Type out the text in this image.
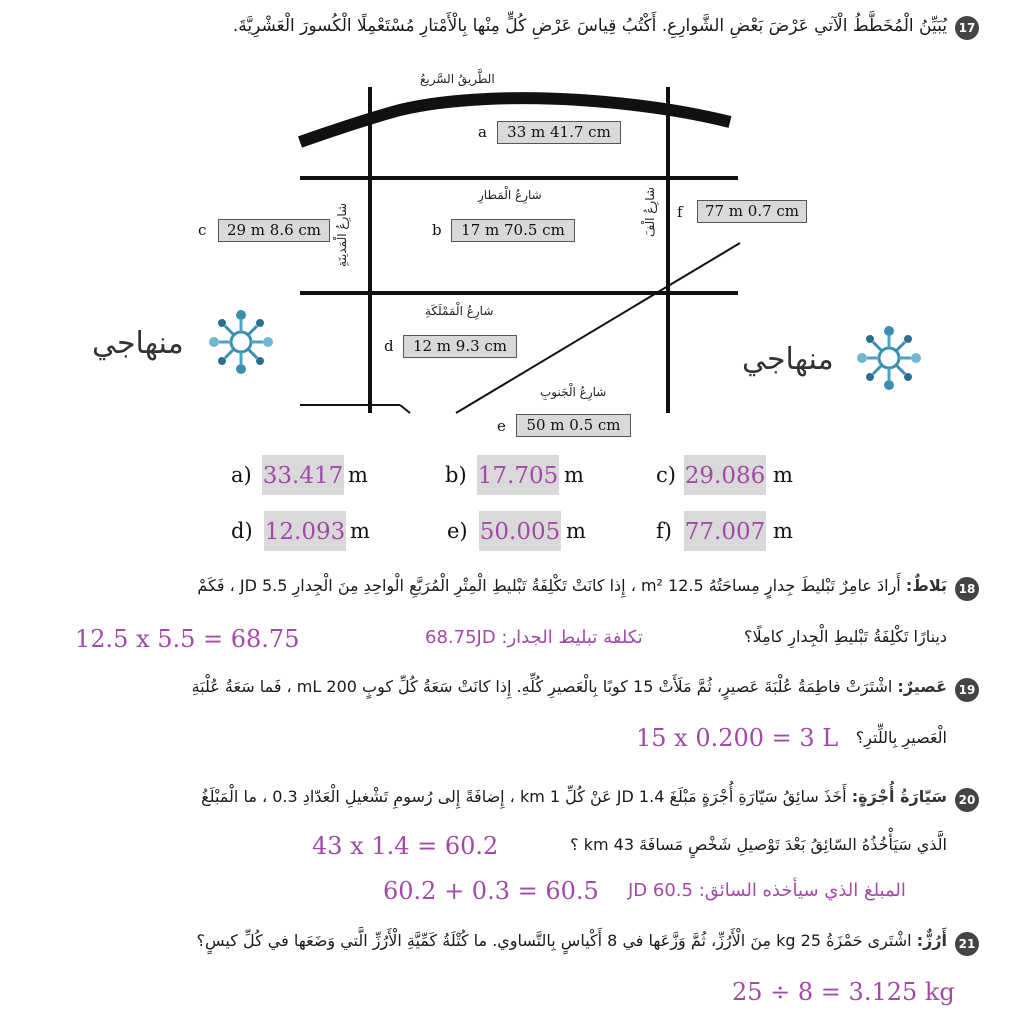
17
يُبَيِّنُ الْمُخَطَّطُ الْآتي عَرْضَ بَعْضِ الشَّوارِعِ. أَكْتُبُ قِياسَ عَرْضِ كُلٍّ مِنْها بِالْأَمْتارِ مُسْتَعْمِلًا الْكُسورَ الْعَشْرِيَّةَ.
الطَّريقُ السَّريعُ
شارِعُ الْمَطارِ
شارِعُ الْمَدينَةِ
شارِعُ الْمَمْلَكَةِ
شارِعُ الْجَنوبِ
شارِعُ الْفَ
a	33 m 41.7 cm
b	17 m 70.5 cm
c	29 m 8.6 cm
d	12 m 9.3 cm
e	50 m 0.5 cm
f	77 m 0.7 cm
منهاجي	منهاجي
a) 33.417 m	b) 17.705 m	c) 29.086 m
d) 12.093 m	e) 50.005 m	f) 77.007 m
18
بَلاطٌ: أَرادَ عامِرٌ تَبْليطَ جِدارٍ مِساحَتُهُ 12.5 m² ، إِذا كانَتْ تَكْلِفَةُ تَبْليطِ الْمِتْرِ الْمُرَبَّعِ الْواحِدِ مِنَ الْجِدارِ JD 5.5 ، فَكَمْ
دينارًا تَكْلِفَةُ تَبْليطِ الْجِدارِ كامِلًا؟
12.5 x 5.5 = 68.75	تكلفة تبليط الجدار: 68.75JD
19
عَصيرٌ: اشْتَرَتْ فاطِمَةُ عُلْبَةَ عَصيرٍ، ثُمَّ مَلَأَتْ 15 كوبًا بِالْعَصيرِ كُلِّهِ. إِذا كانَتْ سَعَةُ كُلِّ كوبٍ 200 mL ، فَما سَعَةُ عُلْبَةِ
الْعَصيرِ بِاللِّترِ؟
15 x 0.200 = 3 L
20
سَيّارَةُ أُجْرَةٍ: أَخَذَ سائِقُ سَيّارَةِ أُجْرَةٍ مَبْلَغَ JD 1.4 عَنْ كُلِّ 1 km ، إِضافَةً إِلى رُسومِ تَشْغيلِ الْعَدّادِ 0.3 ، ما الْمَبْلَغُ
الَّذي سَيَأْخُذُهُ السّائِقُ بَعْدَ تَوْصيلِ شَخْصٍ مَسافَةَ 43 km ؟
43 x 1.4 = 60.2
60.2 + 0.3 = 60.5 المبلغ الذي سيأخذه السائق: 60.5 JD
21
أَرُزٌّ: اشْتَرى حَمْزَةُ 25 kg مِنَ الْأَرُزِّ، ثُمَّ وَزَّعَها في 8 أَكْياسٍ بِالتَّساوي. ما كُتْلَةُ كَمِّيَّةِ الْأَرُزِّ الَّتي وَضَعَها في كُلِّ كيسٍ؟
25 ÷ 8 = 3.125 kg
